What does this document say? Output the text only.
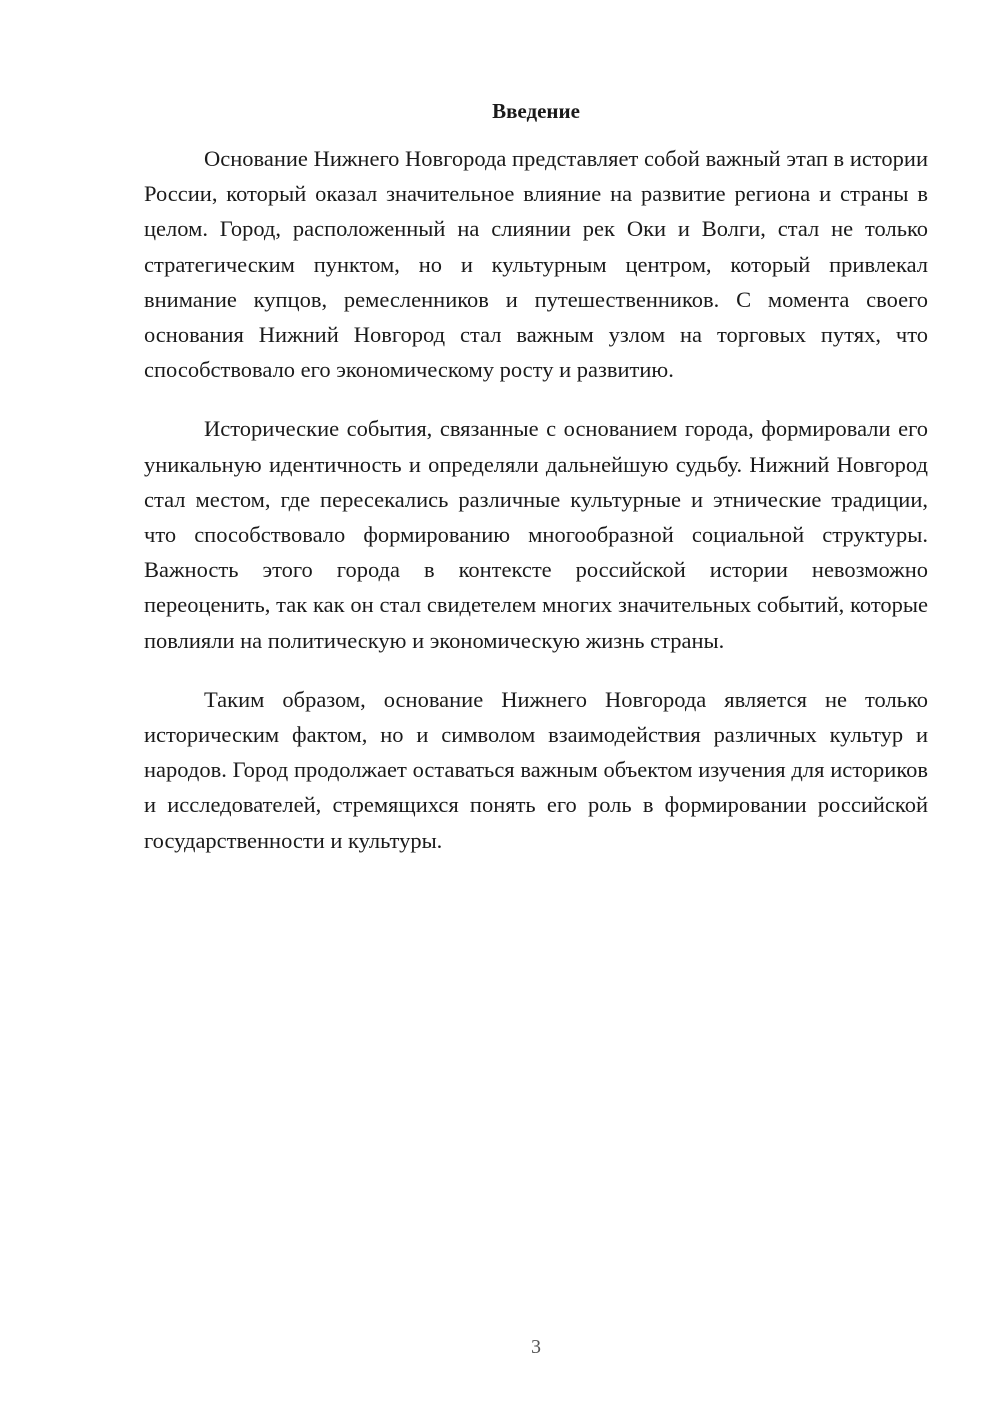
Введение

Основание Нижнего Новгорода представляет собой важный этап в истории России, который оказал значительное влияние на развитие региона и страны в целом. Город, расположенный на слиянии рек Оки и Волги, стал не только стратегическим пунктом, но и культурным центром, который привлекал внимание купцов, ремесленников и путешественников. С момента своего основания Нижний Новгород стал важным узлом на торговых путях, что способствовало его экономическому росту и развитию.

Исторические события, связанные с основанием города, формировали его уникальную идентичность и определяли дальнейшую судьбу. Нижний Новгород стал местом, где пересекались различные культурные и этнические традиции, что способствовало формированию многообразной социальной структуры. Важность этого города в контексте российской истории невозможно переоценить, так как он стал свидетелем многих значительных событий, которые повлияли на политическую и экономическую жизнь страны.

Таким образом, основание Нижнего Новгорода является не только историческим фактом, но и символом взаимодействия различных культур и народов. Город продолжает оставаться важным объектом изучения для историков и исследователей, стремящихся понять его роль в формировании российской государственности и культуры.

3
